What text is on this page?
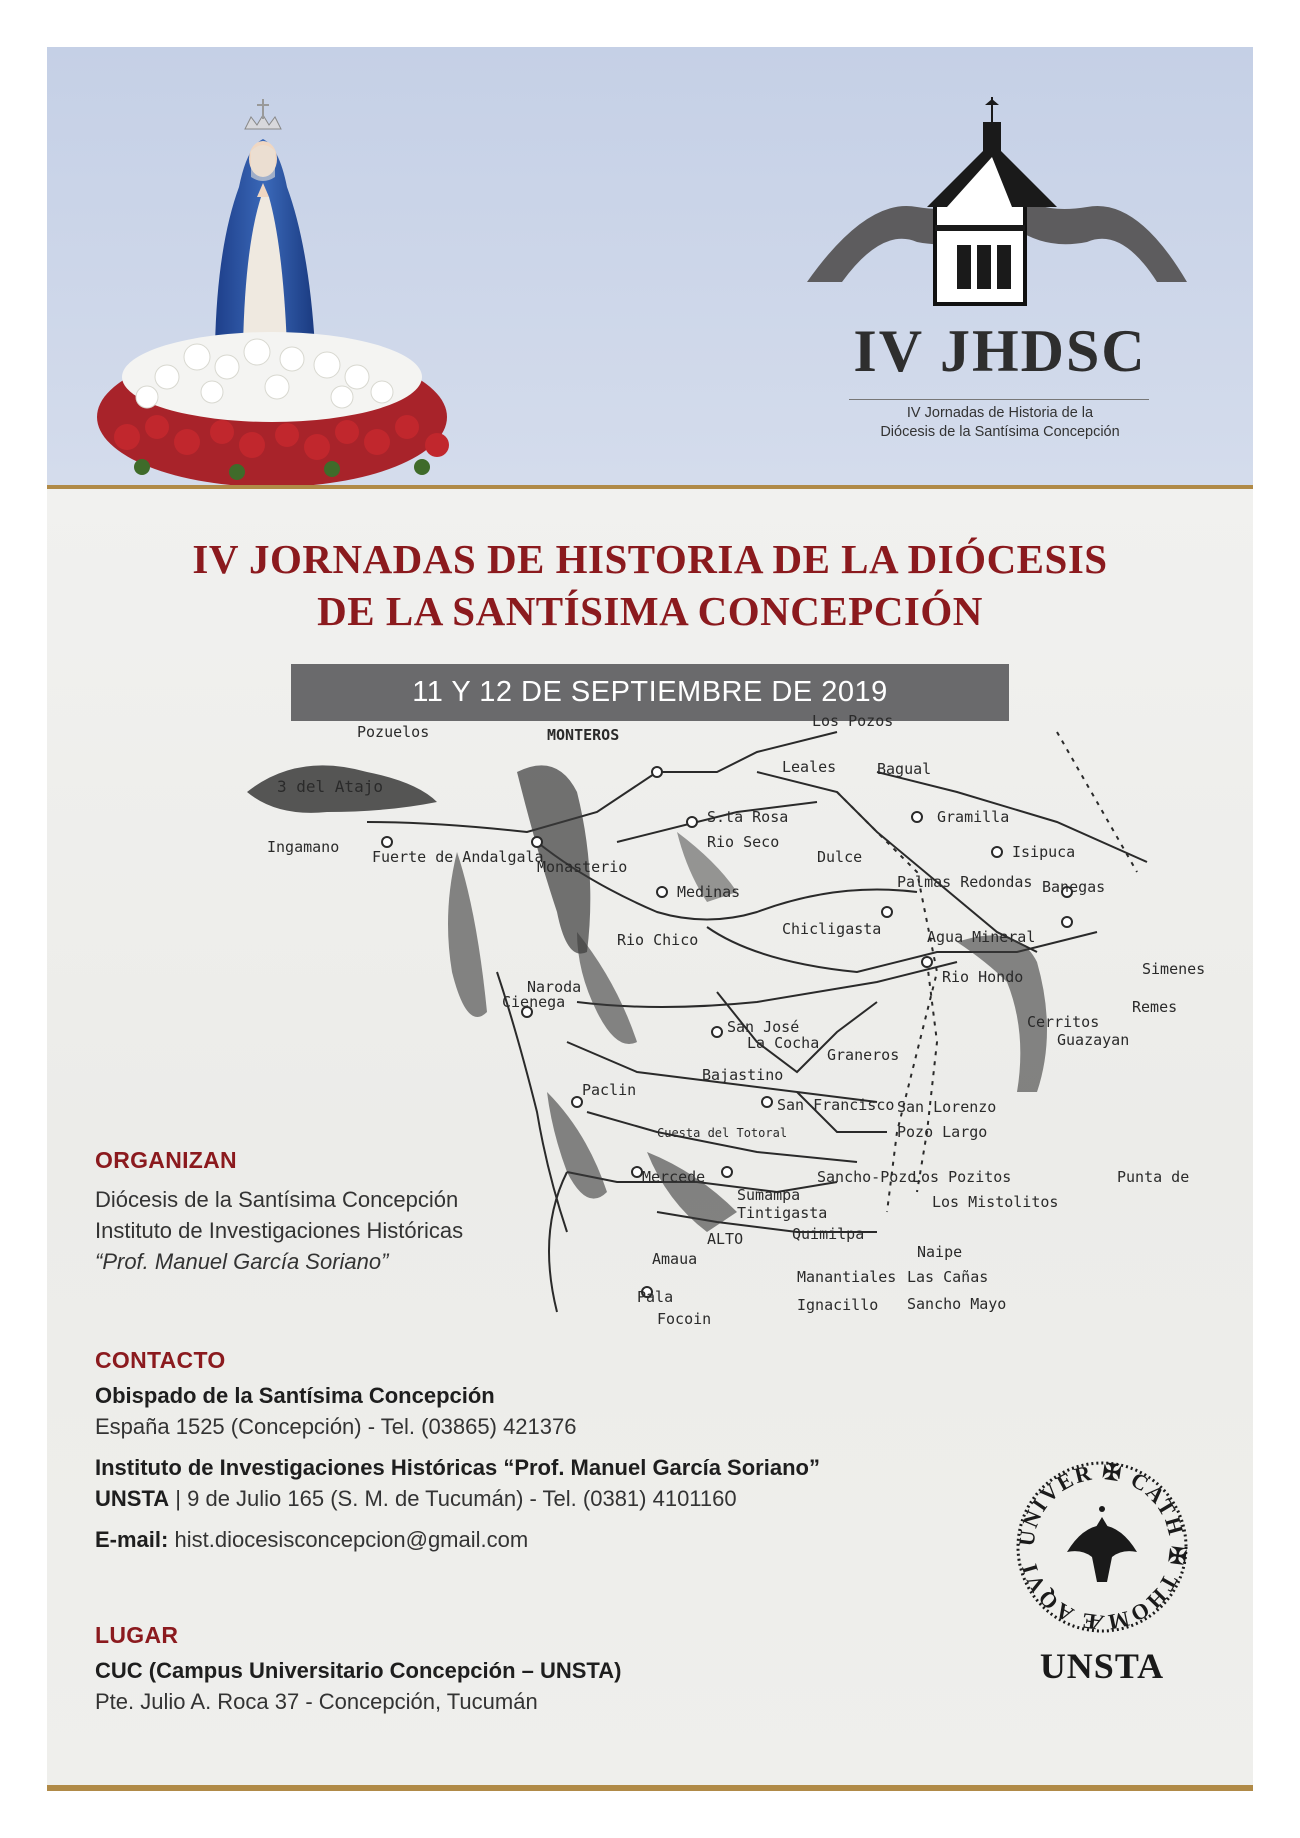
IV JHDSC
IV Jornadas de Historia de la
Diócesis de la Santísima Concepción
IV JORNADAS DE HISTORIA DE LA DIÓCESIS
DE LA SANTÍSIMA CONCEPCIÓN
11 Y 12 DE SEPTIEMBRE DE 2019
Pozuelos	MONTEROS
Los Pozos
Bagual
Leales
S.ta Rosa	Gramilla
Isipuca
Banegas
Ingamano
Fuerte de Andalgala
Monasterio
Medinas
Dulce
Palmas Redondas
Chicligasta	Agua Mineral
Rio Hondo	Simenes
Remes
Naroda
Cienega
San José
La Cocha
Graneros
Cerritos
Guazayan
Paclin
Bajastino
San Francisco San Lorenzo
Pozo Largo
Mercede	Sancho-Pozo
Los Pozitos	Punta de
Los Mistolitos
Sumampa
Tintigasta
ALTO	Quimilpa
Naipe
Las Cañas
Sancho Mayo
Manantiales
Amaua
Ignacillo
Pala
Focoin
Rio Seco
Rio Chico
Cuesta del Totoral
3 del Atajo
ORGANIZAN
Diócesis de la Santísima Concepción
Instituto de Investigaciones Históricas
“Prof. Manuel García Soriano”
CONTACTO
Obispado de la Santísima Concepción
España 1525 (Concepción) - Tel. (03865) 421376
Instituto de Investigaciones Históricas “Prof. Manuel García Soriano”
UNSTA | 9 de Julio 165 (S. M. de Tucumán) - Tel. (0381) 4101160
E-mail: hist.diocesisconcepcion@gmail.com
LUGAR
CUC (Campus Universitario Concepción – UNSTA)
Pte. Julio A. Roca 37 - Concepción, Tucumán
UNIVER ✠ CATH ✠ THOMÆ AQVI
UNSTA
